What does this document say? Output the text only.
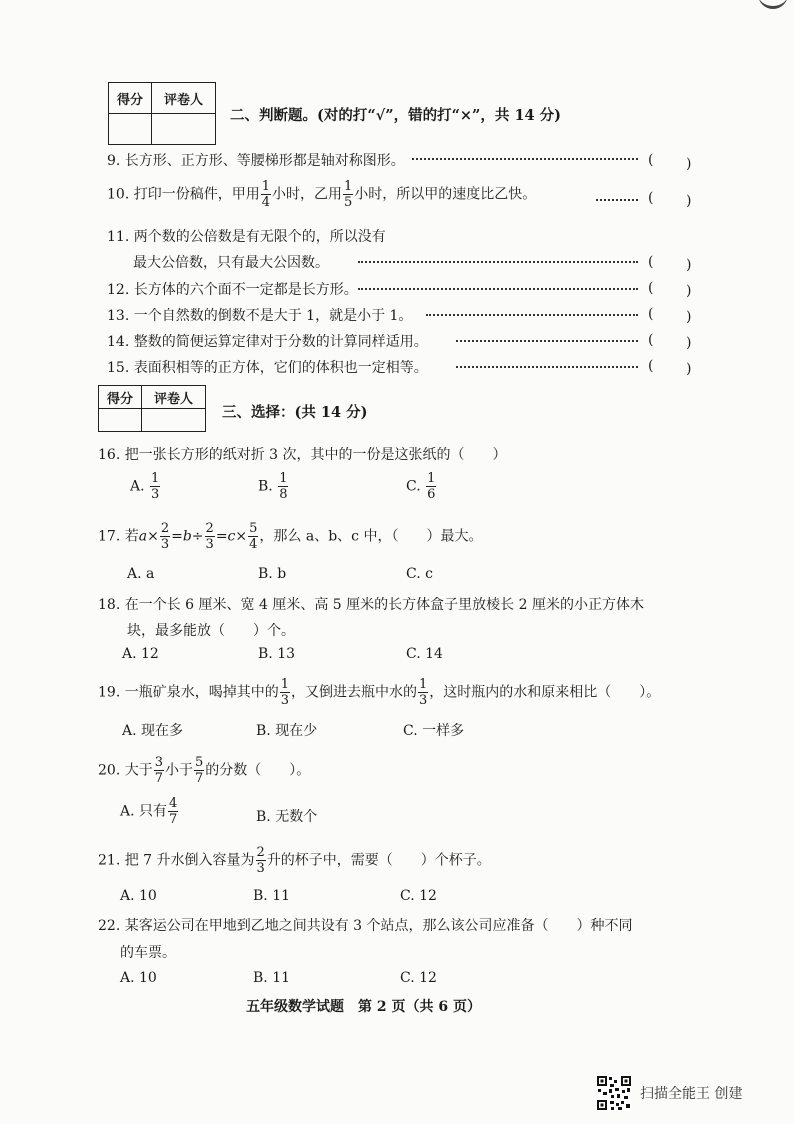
得分	评卷人

二、判断题。(对的打“√”，错的打“×”，共 14 分)
9. 长方形、正方形、等腰梯形都是轴对称图形。	( )
10. 打印一份稿件，甲用 $\frac{1}{4}$ 小时，乙用 $\frac{1}{5}$ 小时，所以甲的速度比乙快。	( )
11. 两个数的公倍数是有无限个的，所以没有
最大公倍数，只有最大公因数。	( )
12. 长方体的六个面不一定都是长方形。	( )
13. 一个自然数的倒数不是大于 1，就是小于 1。	( )
14. 整数的简便运算定律对于分数的计算同样适用。	( )
15. 表面积相等的正方体，它们的体积也一定相等。	( )
得分	评卷人

三、选择：(共 14 分)
16. 把一张长方形的纸对折 3 次，其中的一份是这张纸的（　　）
A. $\frac{1}{3}$	B. $\frac{1}{8}$	C. $\frac{1}{6}$
17. 若$a\times \frac{2}{3} =b\div \frac{2}{3} =c\times \frac{5}{4}$ ，那么 a、b、c 中，（　　）最大。
A. a	B. b	C. c
18. 在一个长 6 厘米、宽 4 厘米、高 5 厘米的长方体盒子里放棱长 2 厘米的小正方体木
块，最多能放（　　）个。
A. 12	B. 13	C. 14
19. 一瓶矿泉水，喝掉其中的 $\frac{1}{3}$ ，又倒进去瓶中水的 $\frac{1}{3}$ ，这时瓶内的水和原来相比（　　）。
A. 现在多	B. 现在少	C. 一样多
20. 大于 $\frac{3}{7}$ 小于 $\frac{5}{7}$ 的分数（　　）。
A. 只有 $\frac{4}{7}$	B. 无数个
21. 把 7 升水倒入容量为 $\frac{2}{3}$ 升的杯子中，需要（　　）个杯子。
A. 10	B. 11	C. 12
22. 某客运公司在甲地到乙地之间共设有 3 个站点，那么该公司应准备（　　）种不同
的车票。
A. 10	B. 11	C. 12
五年级数学试题　第 2 页（共 6 页）
扫描全能王 创建
